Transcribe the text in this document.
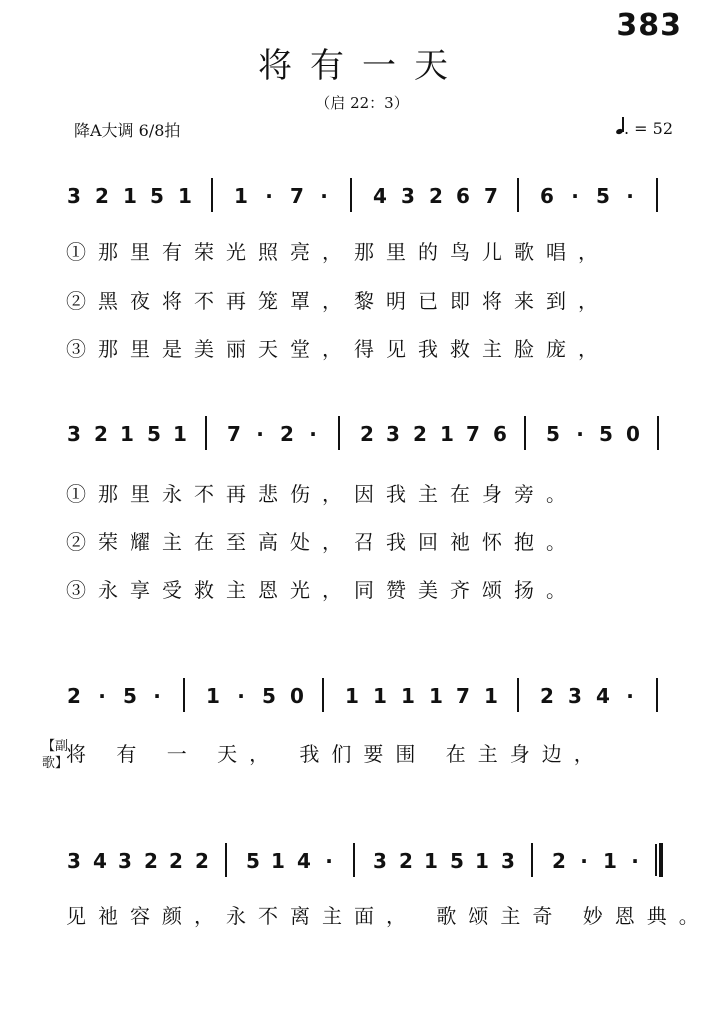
383
将有一天
（启 22：3）
降A大调 6/8拍	. = 52
3 2 1 5 1 1 · 7 · 4 3 2 6 7 6 · 5 ·
①那里有荣光照亮，那里的鸟儿歌唱，
②黑夜将不再笼罩，黎明已即将来到，
③那里是美丽天堂，得见我救主脸庞，
3 2 1 5 1 7 · 2 · 2 3 2 1 7 6 5 · 5 0
①那里永不再悲伤，因我主在身旁。
②荣耀主在至高处，召我回祂怀抱。
③永享受救主恩光，同赞美齐颂扬。
2 · 5 · 1 · 5 0 1 1 1 1 7 1 2 3 4 ·
【副歌】
将 有 一 天， 我们要围 在主身边，
3 4 3 2 2 2 5 1 4 · 3 2 1 5 1 3 2 · 1 ·
见祂容颜，永不离主面， 歌颂主奇 妙恩典。
